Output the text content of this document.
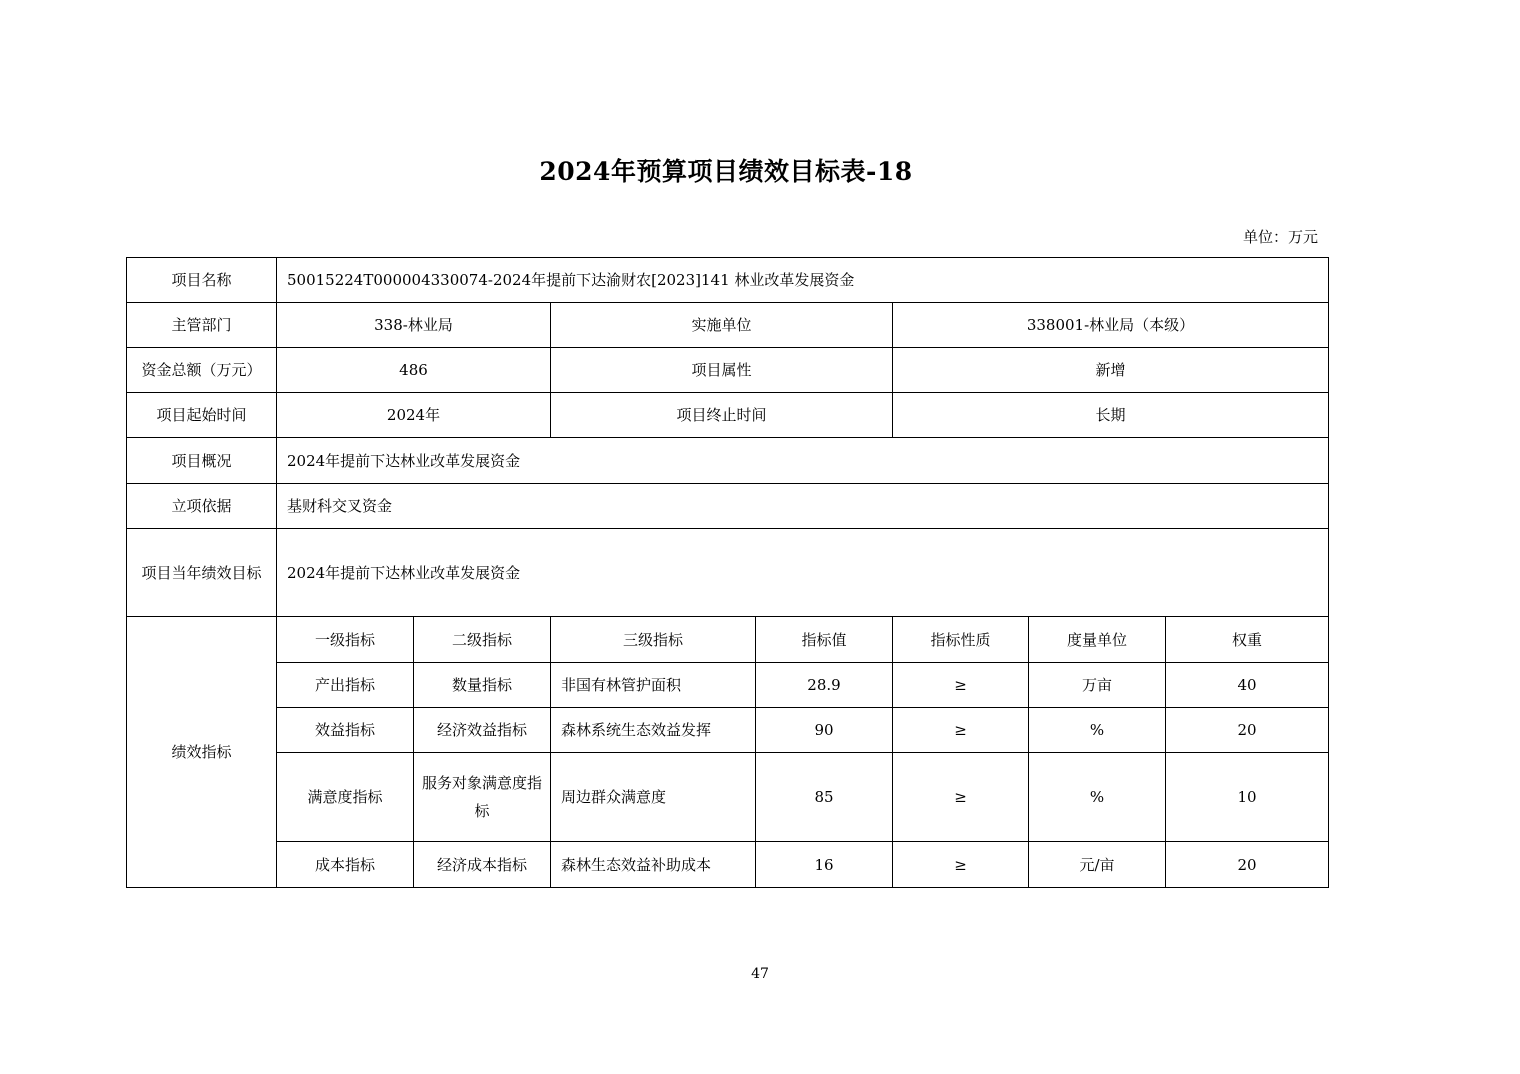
2024年预算项目绩效目标表-18
单位：万元
项目名称	50015224T000004330074-2024年提前下达渝财农[2023]141 林业改革发展资金						
主管部门	338-林业局		实施单位		338001-林业局（本级）		
资金总额（万元）	486		项目属性		新增		
项目起始时间	2024年		项目终止时间		长期		
项目概况	2024年提前下达林业改革发展资金						
立项依据	基财科交叉资金						
项目当年绩效目标	2024年提前下达林业改革发展资金						
绩效指标	一级指标	二级指标	三级指标	指标值	指标性质	度量单位	权重
	产出指标	数量指标	非国有林管护面积	28.9	≥	万亩	40
	效益指标	经济效益指标	森林系统生态效益发挥	90	≥	%	20
	满意度指标	服务对象满意度指标	周边群众满意度	85	≥	%	10
	成本指标	经济成本指标	森林生态效益补助成本	16	≥	元/亩	20
47
